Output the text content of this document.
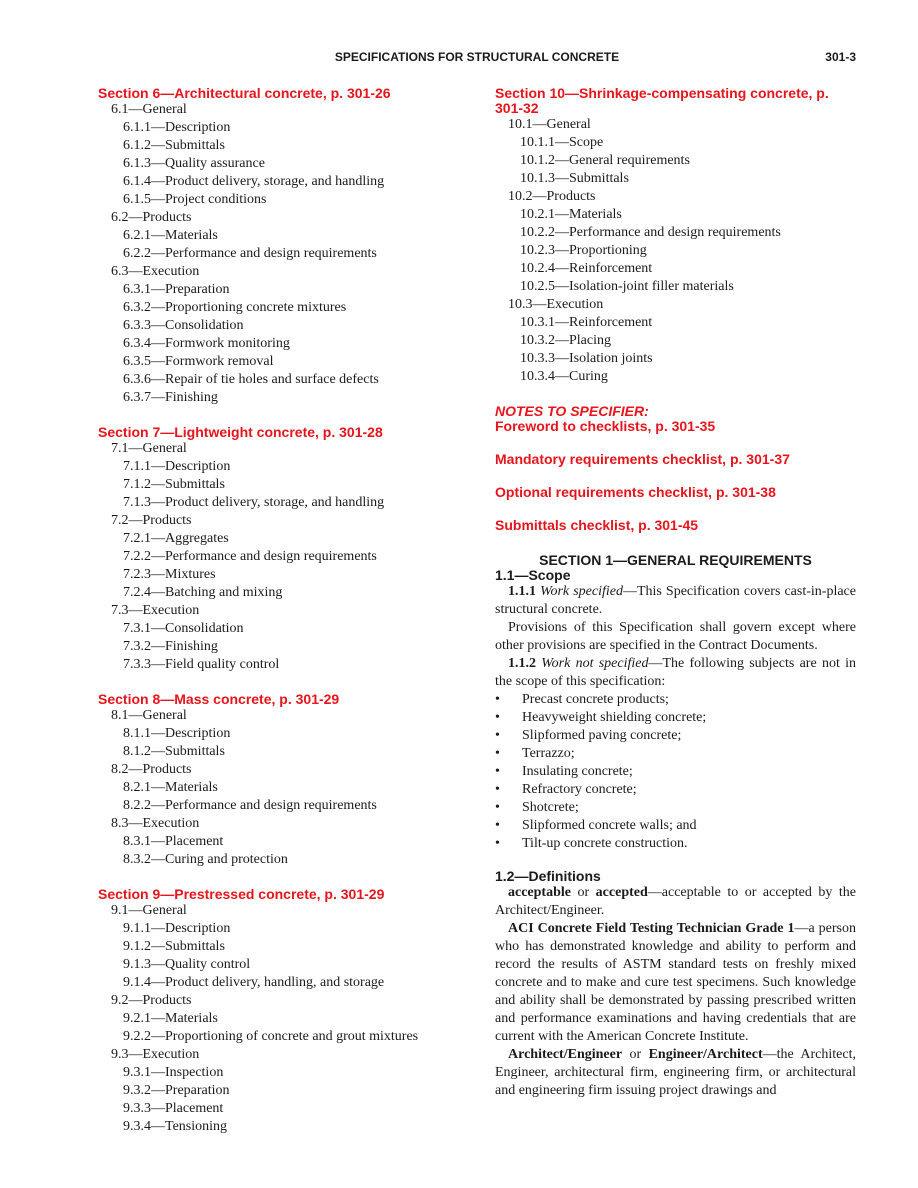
SPECIFICATIONS FOR STRUCTURAL CONCRETE	301-3
Section 6—Architectural concrete, p. 301-26
6.1—General
6.1.1—Description
6.1.2—Submittals
6.1.3—Quality assurance
6.1.4—Product delivery, storage, and handling
6.1.5—Project conditions
6.2—Products
6.2.1—Materials
6.2.2—Performance and design requirements
6.3—Execution
6.3.1—Preparation
6.3.2—Proportioning concrete mixtures
6.3.3—Consolidation
6.3.4—Formwork monitoring
6.3.5—Formwork removal
6.3.6—Repair of tie holes and surface defects
6.3.7—Finishing
Section 7—Lightweight concrete, p. 301-28
7.1—General
7.1.1—Description
7.1.2—Submittals
7.1.3—Product delivery, storage, and handling
7.2—Products
7.2.1—Aggregates
7.2.2—Performance and design requirements
7.2.3—Mixtures
7.2.4—Batching and mixing
7.3—Execution
7.3.1—Consolidation
7.3.2—Finishing
7.3.3—Field quality control
Section 8—Mass concrete, p. 301-29
8.1—General
8.1.1—Description
8.1.2—Submittals
8.2—Products
8.2.1—Materials
8.2.2—Performance and design requirements
8.3—Execution
8.3.1—Placement
8.3.2—Curing and protection
Section 9—Prestressed concrete, p. 301-29
9.1—General
9.1.1—Description
9.1.2—Submittals
9.1.3—Quality control
9.1.4—Product delivery, handling, and storage
9.2—Products
9.2.1—Materials
9.2.2—Proportioning of concrete and grout mixtures
9.3—Execution
9.3.1—Inspection
9.3.2—Preparation
9.3.3—Placement
9.3.4—Tensioning
Section 10—Shrinkage-compensating concrete, p. 301-32
10.1—General
10.1.1—Scope
10.1.2—General requirements
10.1.3—Submittals
10.2—Products
10.2.1—Materials
10.2.2—Performance and design requirements
10.2.3—Proportioning
10.2.4—Reinforcement
10.2.5—Isolation-joint filler materials
10.3—Execution
10.3.1—Reinforcement
10.3.2—Placing
10.3.3—Isolation joints
10.3.4—Curing
NOTES TO SPECIFIER:
Foreword to checklists, p. 301-35
Mandatory requirements checklist, p. 301-37
Optional requirements checklist, p. 301-38
Submittals checklist, p. 301-45
SECTION 1—GENERAL REQUIREMENTS
1.1—Scope
1.1.1 Work specified—This Specification covers cast-in-place structural concrete.
Provisions of this Specification shall govern except where other provisions are specified in the Contract Documents.
1.1.2 Work not specified—The following subjects are not in the scope of this specification:
• Precast concrete products;
• Heavyweight shielding concrete;
• Slipformed paving concrete;
• Terrazzo;
• Insulating concrete;
• Refractory concrete;
• Shotcrete;
• Slipformed concrete walls; and
• Tilt-up concrete construction.
1.2—Definitions
acceptable or accepted—acceptable to or accepted by the Architect/Engineer.
ACI Concrete Field Testing Technician Grade 1—a person who has demonstrated knowledge and ability to perform and record the results of ASTM standard tests on freshly mixed concrete and to make and cure test specimens. Such knowledge and ability shall be demonstrated by passing prescribed written and performance examinations and having credentials that are current with the American Concrete Institute.
Architect/Engineer or Engineer/Architect—the Architect, Engineer, architectural firm, engineering firm, or architectural and engineering firm issuing project drawings and
